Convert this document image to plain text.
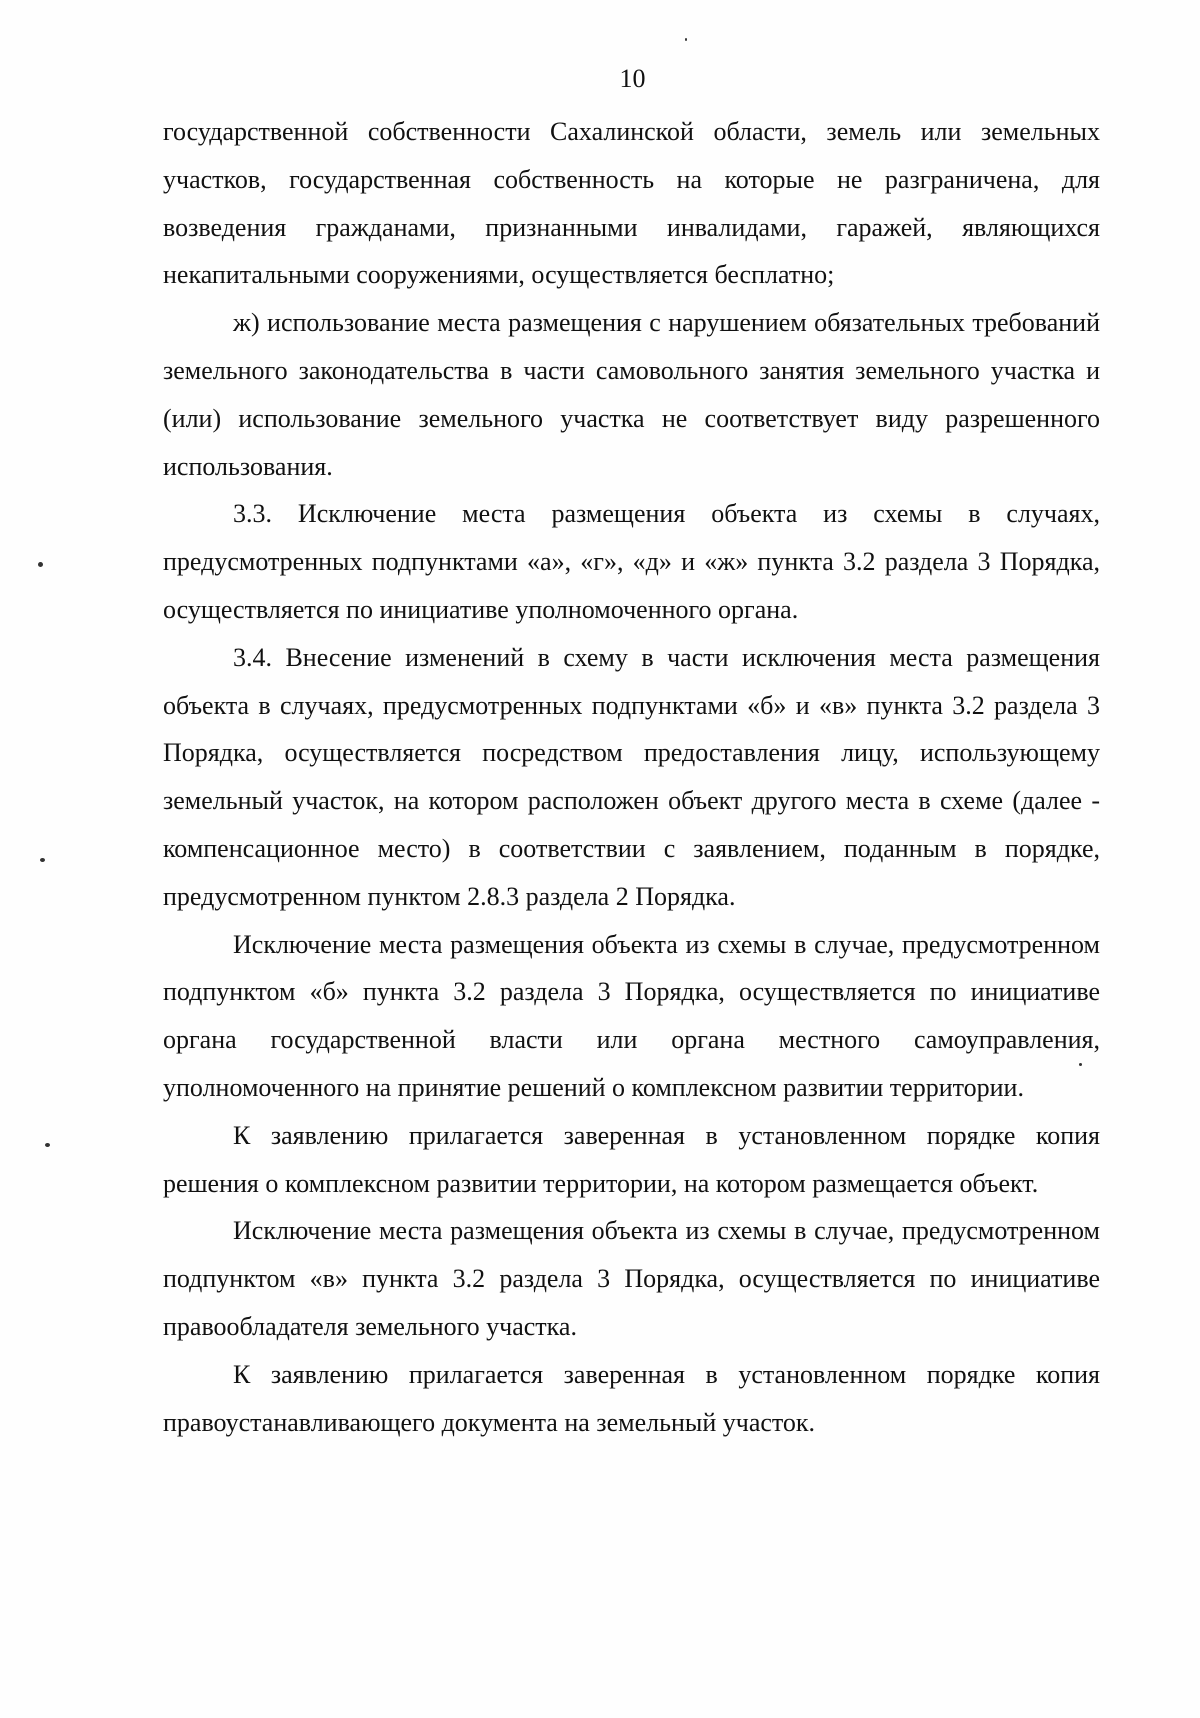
10

государственной собственности Сахалинской области, земель или земельных участков, государственная собственность на которые не разграничена, для возведения гражданами, признанными инвалидами, гаражей, являющихся некапитальными сооружениями, осуществляется бесплатно;

ж) использование места размещения с нарушением обязательных требований земельного законодательства в части самовольного занятия земельного участка и (или) использование земельного участка не соответствует виду разрешенного использования.

3.3. Исключение места размещения объекта из схемы в случаях, предусмотренных подпунктами «а», «г», «д» и «ж» пункта 3.2 раздела 3 Порядка, осуществляется по инициативе уполномоченного органа.

3.4. Внесение изменений в схему в части исключения места размещения объекта в случаях, предусмотренных подпунктами «б» и «в» пункта 3.2 раздела 3 Порядка, осуществляется посредством предоставления лицу, использующему земельный участок, на котором расположен объект другого места в схеме (далее - компенсационное место) в соответствии с заявлением, поданным в порядке, предусмотренном пунктом 2.8.3 раздела 2 Порядка.

Исключение места размещения объекта из схемы в случае, предусмотренном подпунктом «б» пункта 3.2 раздела 3 Порядка, осуществляется по инициативе органа государственной власти или органа местного самоуправления, уполномоченного на принятие решений о комплексном развитии территории.

К заявлению прилагается заверенная в установленном порядке копия решения о комплексном развитии территории, на котором размещается объект.

Исключение места размещения объекта из схемы в случае, предусмотренном подпунктом «в» пункта 3.2 раздела 3 Порядка, осуществляется по инициативе правообладателя земельного участка.

К заявлению прилагается заверенная в установленном порядке копия правоустанавливающего документа на земельный участок.
